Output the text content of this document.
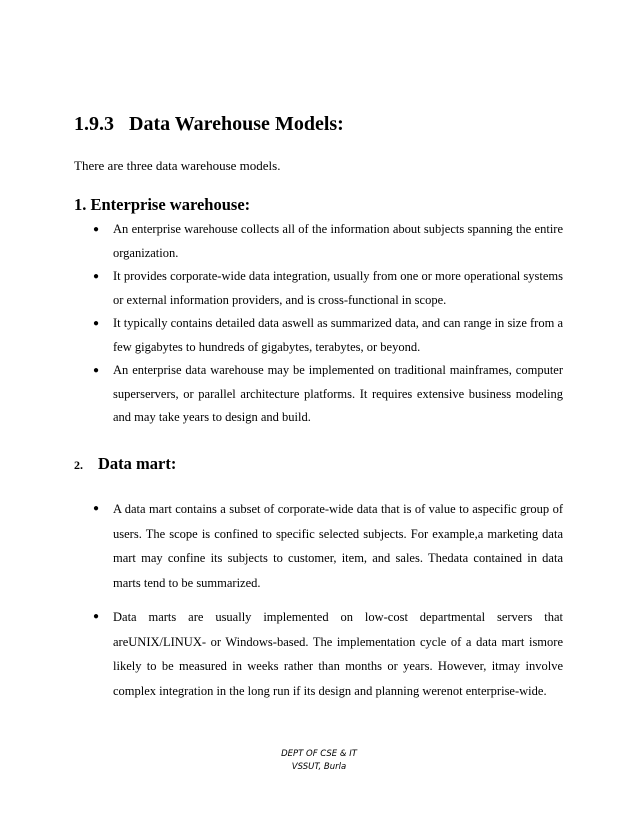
1.9.3 Data Warehouse Models:
There are three data warehouse models.
1. Enterprise warehouse:
● An enterprise warehouse collects all of the information about subjects spanning the entire organization.
● It provides corporate-wide data integration, usually from one or more operational systems or external information providers, and is cross-functional in scope.
● It typically contains detailed data aswell as summarized data, and can range in size from a few gigabytes to hundreds of gigabytes, terabytes, or beyond.
● An enterprise data warehouse may be implemented on traditional mainframes, computer superservers, or parallel architecture platforms. It requires extensive business modeling and may take years to design and build.
2. Data mart:
● A data mart contains a subset of corporate-wide data that is of value to aspecific group of users. The scope is confined to specific selected subjects. For example,a marketing data mart may confine its subjects to customer, item, and sales. Thedata contained in data marts tend to be summarized.
● Data marts are usually implemented on low-cost departmental servers that areUNIX/LINUX- or Windows-based. The implementation cycle of a data mart ismore likely to be measured in weeks rather than months or years. However, itmay involve complex integration in the long run if its design and planning werenot enterprise-wide.
DEPT OF CSE & IT
VSSUT, Burla
